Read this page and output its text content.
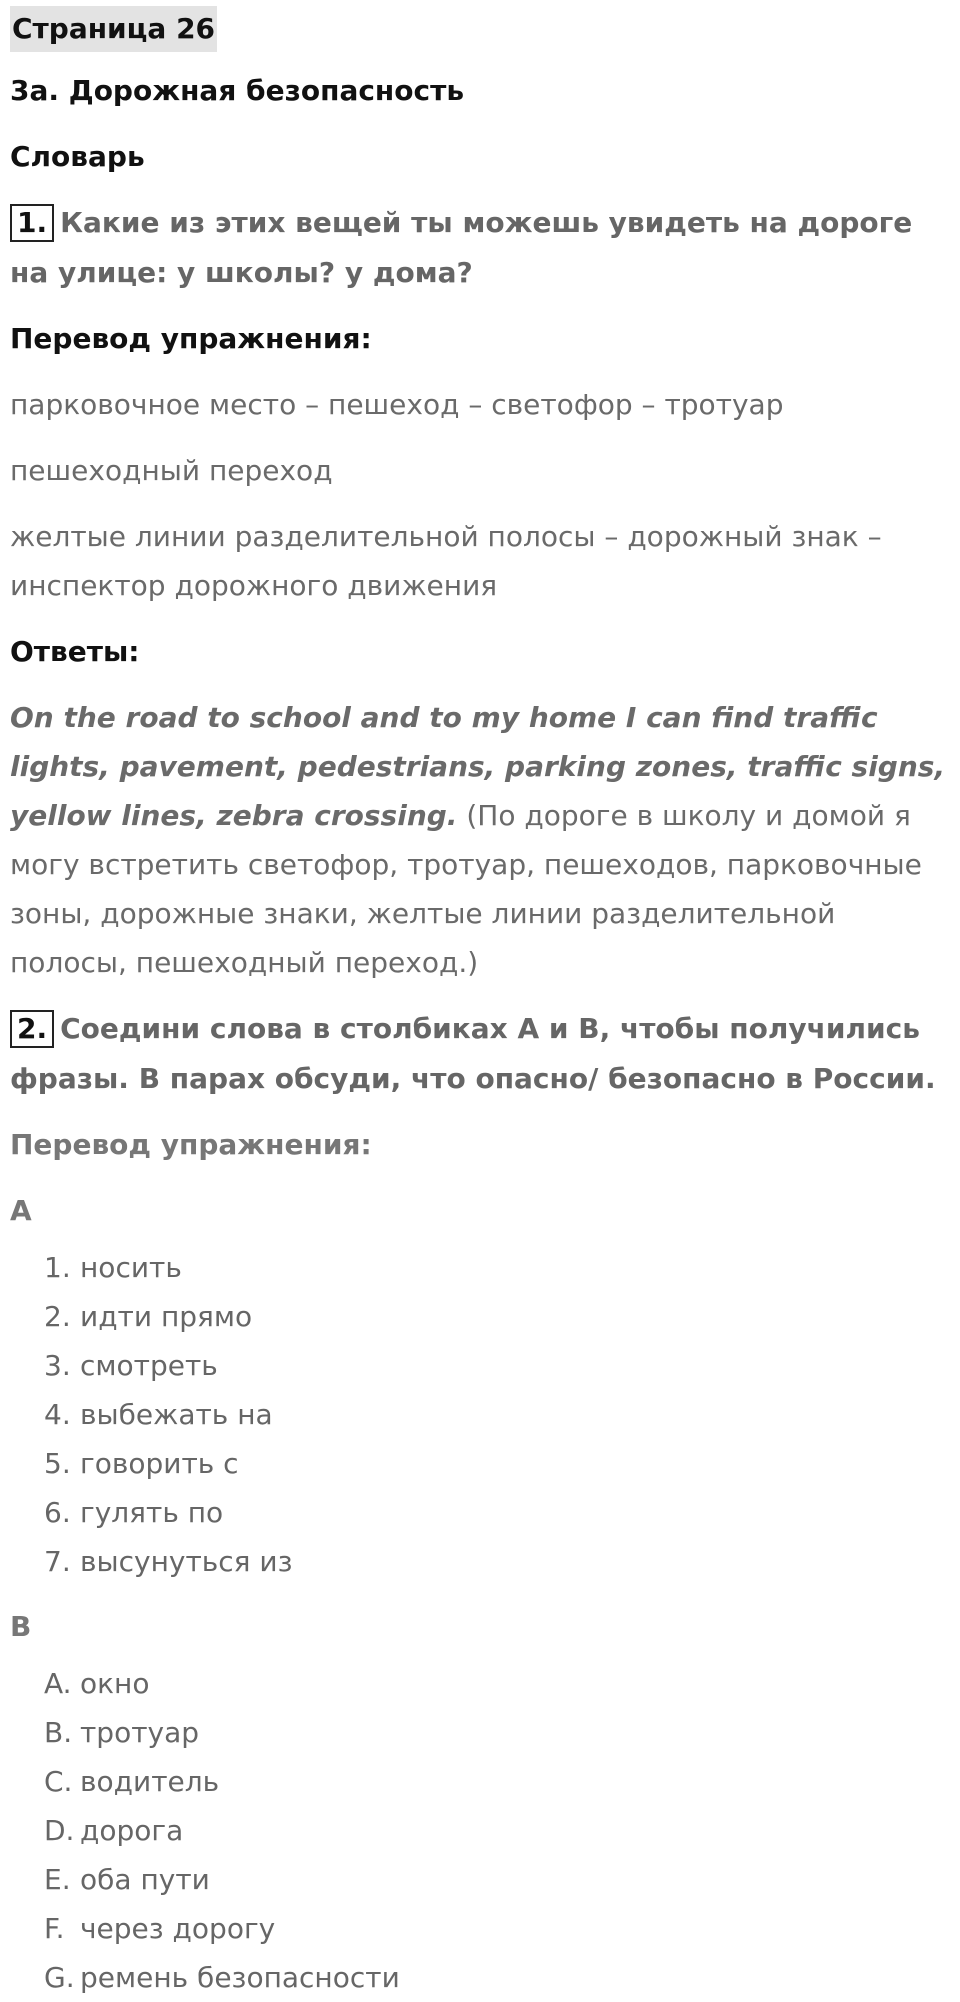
Страница 26
3a. Дорожная безопасность
Словарь
1. Какие из этих вещей ты можешь увидеть на дороге на улице: у школы? у дома?
Перевод упражнения:
парковочное место – пешеход – светофор – тротуар
пешеходный переход
желтые линии разделительной полосы – дорожный знак – инспектор дорожного движения
Ответы:
On the road to school and to my home I can find traffic lights, pavement, pedestrians, parking zones, traffic signs, yellow lines, zebra crossing. (По дороге в школу и домой я могу встретить светофор, тротуар, пешеходов, парковочные зоны, дорожные знаки, желтые линии разделительной полосы, пешеходный переход.)
2. Соедини слова в столбиках A и B, чтобы получились фразы. В парах обсуди, что опасно/ безопасно в России.
Перевод упражнения:
A
1. носить
2. идти прямо
3. смотреть
4. выбежать на
5. говорить с
6. гулять по
7. высунуться из
B
A. окно
B. тротуар
C. водитель
D. дорога
E. оба пути
F. через дорогу
G. ремень безопасности
